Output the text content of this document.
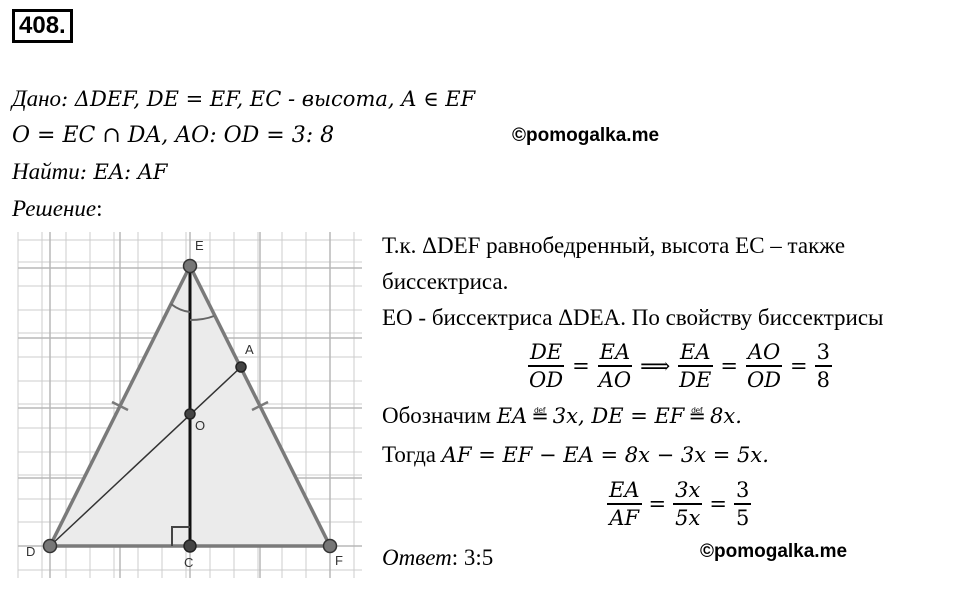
408.
Дано: ΔDEF, DE = EF, EC - высота, A ∈ EF
O = EC ∩ DA, AO: OD = 3: 8	©pomogalka.me
Найти: EA: AF
Решение:
E
A
O
D
C	F
Т.к. ΔDEF равнобедренный, высота EC – также
биссектриса.
EO - биссектриса ΔDEA. По свойству биссектрисы
$\frac{DE}{OD} = \frac{EA}{AO}$ ⟹ $\frac{EA}{DE} = \frac{AO}{OD} = \frac{3}{8}$
Обозначим EA ≝ 3x, DE = EF ≝ 8x.
Тогда AF = EF − EA = 8x − 3x = 5x.
$\frac{EA}{AF} = \frac{3x}{5x} = \frac{3}{5}$
Ответ: 3:5	©pomogalka.me
